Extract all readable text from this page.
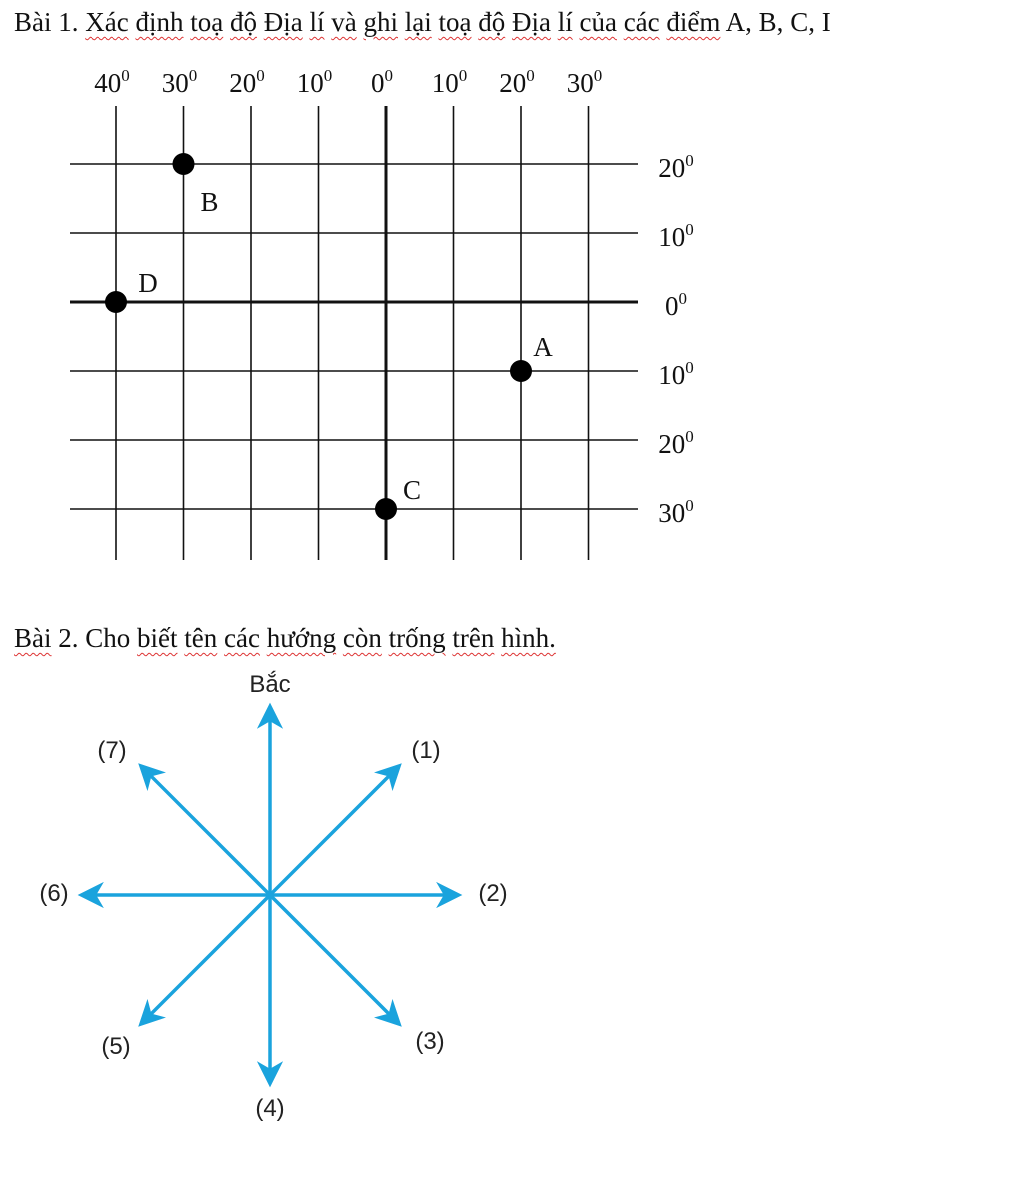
Bài 1. Xác định toạ độ Địa lí và ghi lại toạ độ Địa lí của các điểm A, B, C, I
$40^0$ $30^0$ $20^0$ $10^0$ $0^0$ $10^0$ $20^0$ $30^0$
$20^0$
$10^0$
$0^0$
$10^0$
$20^0$
$30^0$
A
B
C
D
Bài 2. Cho biết tên các hướng còn trống trên hình.
Bắc
(1)
(2)
(3)
(4)
(5)
(6)
(7)
